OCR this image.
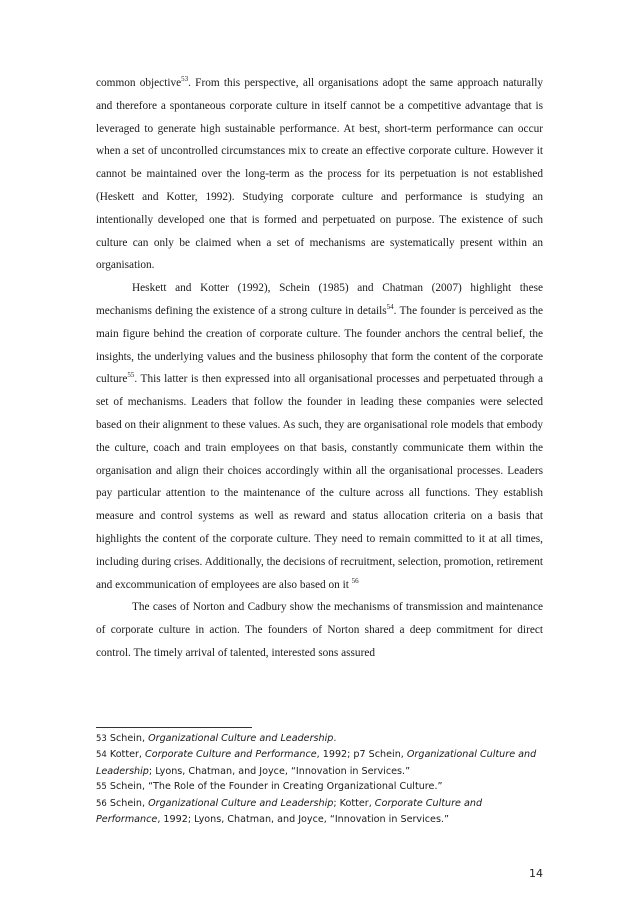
common objective$^{53}$. From this perspective, all organisations adopt the same approach naturally and therefore a spontaneous corporate culture in itself cannot be a competitive advantage that is leveraged to generate high sustainable performance. At best, short-term performance can occur when a set of uncontrolled circumstances mix to create an effective corporate culture. However it cannot be maintained over the long-term as the process for its perpetuation is not established (Heskett and Kotter, 1992). Studying corporate culture and performance is studying an intentionally developed one that is formed and perpetuated on purpose. The existence of such culture can only be claimed when a set of mechanisms are systematically present within an organisation.

Heskett and Kotter (1992), Schein (1985) and Chatman (2007) highlight these mechanisms defining the existence of a strong culture in details$^{54}$. The founder is perceived as the main figure behind the creation of corporate culture. The founder anchors the central belief, the insights, the underlying values and the business philosophy that form the content of the corporate culture$^{55}$. This latter is then expressed into all organisational processes and perpetuated through a set of mechanisms. Leaders that follow the founder in leading these companies were selected based on their alignment to these values. As such, they are organisational role models that embody the culture, coach and train employees on that basis, constantly communicate them within the organisation and align their choices accordingly within all the organisational processes. Leaders pay particular attention to the maintenance of the culture across all functions. They establish measure and control systems as well as reward and status allocation criteria on a basis that highlights the content of the corporate culture. They need to remain committed to it at all times, including during crises. Additionally, the decisions of recruitment, selection, promotion, retirement and excommunication of employees are also based on it $^{56}$

The cases of Norton and Cadbury show the mechanisms of transmission and maintenance of corporate culture in action. The founders of Norton shared a deep commitment for direct control. The timely arrival of talented, interested sons assured

53 Schein, Organizational Culture and Leadership.

54 Kotter, Corporate Culture and Performance, 1992; p7 Schein, Organizational Culture and Leadership; Lyons, Chatman, and Joyce, “Innovation in Services.”

55 Schein, “The Role of the Founder in Creating Organizational Culture.”

56 Schein, Organizational Culture and Leadership; Kotter, Corporate Culture and Performance, 1992; Lyons, Chatman, and Joyce, “Innovation in Services.”

14
